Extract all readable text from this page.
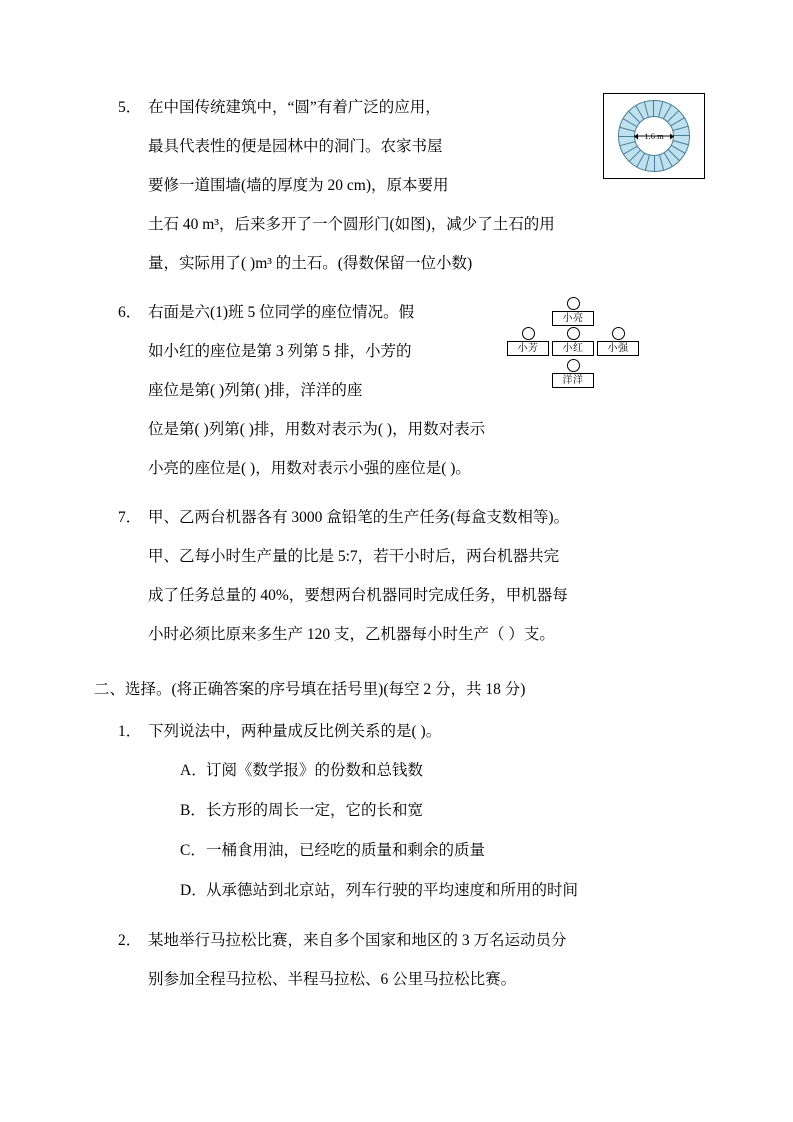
1.6 m
5． 在中国传统建筑中，“圆”有着广泛的应用，
最具代表性的便是园林中的洞门。农家书屋
要修一道围墙(墙的厚度为 20 cm)，原本要用
土石 40 m³，后来多开了一个圆形门(如图)，减少了土石的用
量，实际用了( )m³ 的土石。(得数保留一位小数)
小亮
小芳	小红	小强
洋洋
6． 右面是六(1)班 5 位同学的座位情况。假
如小红的座位是第 3 列第 5 排，小芳的
座位是第( )列第( )排，洋洋的座
位是第( )列第( )排，用数对表示为( )，用数对表示
小亮的座位是( )，用数对表示小强的座位是( )。
7． 甲、乙两台机器各有 3000 盒铅笔的生产任务(每盒支数相等)。
甲、乙每小时生产量的比是 5:7，若干小时后，两台机器共完
成了任务总量的 40%，要想两台机器同时完成任务，甲机器每
小时必须比原来多生产 120 支，乙机器每小时生产（ ）支。
二、选择。(将正确答案的序号填在括号里)(每空 2 分，共 18 分)
1． 下列说法中，两种量成反比例关系的是( )。
A．订阅《数学报》的份数和总钱数
B．长方形的周长一定，它的长和宽
C．一桶食用油，已经吃的质量和剩余的质量
D．从承德站到北京站，列车行驶的平均速度和所用的时间
2． 某地举行马拉松比赛，来自多个国家和地区的 3 万名运动员分
别参加全程马拉松、半程马拉松、6 公里马拉松比赛。
